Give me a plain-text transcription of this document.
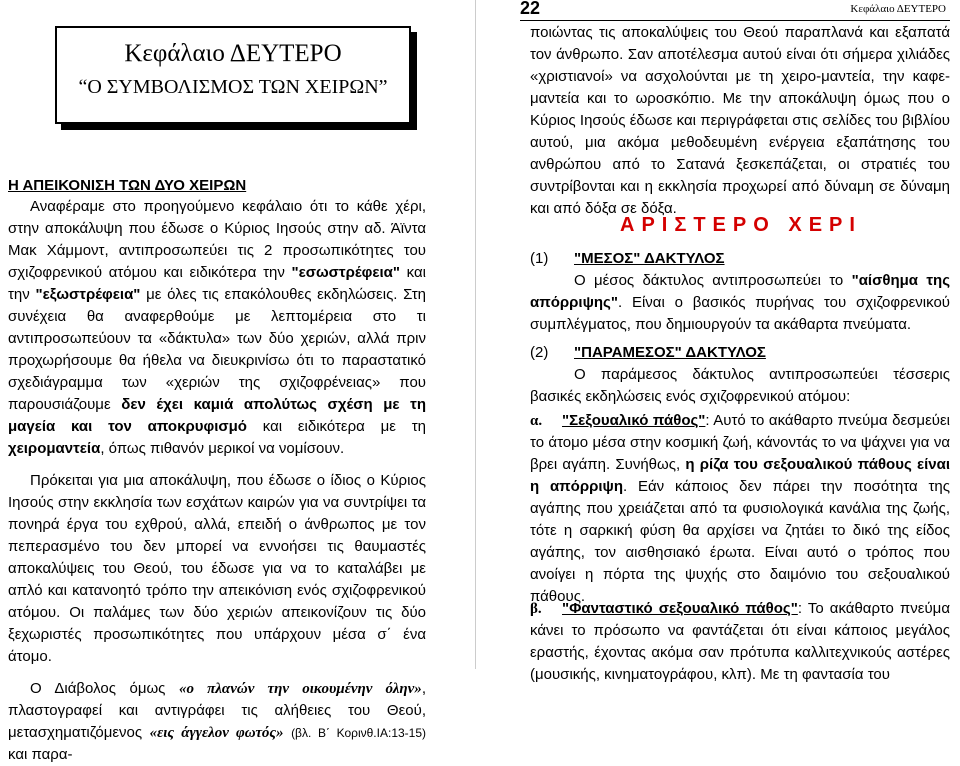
Κεφάλαιο ΔΕΥΤΕΡΟ
“Ο ΣΥΜΒΟΛΙΣΜΟΣ ΤΩΝ ΧΕΙΡΩΝ”
Η ΑΠΕΙΚΟΝΙΣΗ ΤΩΝ ΔΥΟ ΧΕΙΡΩΝ

Αναφέραμε στο προηγούμενο κεφάλαιο ότι το κάθε χέρι, στην αποκάλυψη που έδωσε ο Κύριος Ιησούς στην αδ. Άϊντα Μακ Χάμμοντ, αντιπροσωπεύει τις 2 προσωπικότητες του σχιζοφρενικού ατόμου και ειδικότερα την "εσωστρέφεια" και την "εξωστρέφεια" με όλες τις επακόλουθες εκδηλώσεις. Στη συνέχεια θα αναφερθούμε με λεπτομέρεια στο τι αντιπροσωπεύουν τα «δάκτυλα» των δύο χεριών, αλλά πριν προχωρήσουμε θα ήθελα να διευκρινίσω ότι το παραστατικό σχεδιάγραμμα των «χεριών της σχιζοφρένειας» που παρουσιάζουμε δεν έχει καμιά απολύτως σχέση με τη μαγεία και τον αποκρυφισμό και ειδικότερα με τη χειρομαντεία, όπως πιθανόν μερικοί να νομίσουν.

Πρόκειται για μια αποκάλυψη, που έδωσε ο ίδιος ο Κύριος Ιησούς στην εκκλησία των εσχάτων καιρών για να συντρίψει τα πονηρά έργα του εχθρού, αλλά, επειδή ο άνθρωπος με τον πεπερασμένο του δεν μπορεί να εννοήσει τις θαυμαστές αποκαλύψεις του Θεού, του έδωσε για να το καταλάβει με απλό και κατανοητό τρόπο την απεικόνιση ενός σχιζοφρενικού ατόμου. Οι παλάμες των δύο χεριών απεικονίζουν τις δύο ξεχωριστές προσωπικότητες που υπάρχουν μέσα σ΄ ένα άτομο.

Ο Διάβολος όμως «ο πλανών την οικουμένην όλην», πλαστογραφεί και αντιγράφει τις αλήθειες του Θεού, μετασχηματιζόμενος «εις άγγελον φωτός» (βλ. Β΄ Κορινθ.ΙΑ:13-15) και παρα-

22	Κεφάλαιο ΔΕΥΤΕΡΟ

ποιώντας τις αποκαλύψεις του Θεού παραπλανά και εξαπατά τον άνθρωπο. Σαν αποτέλεσμα αυτού είναι ότι σήμερα χιλιάδες «χριστιανοί» να ασχολούνται με τη χειρο-μαντεία, την καφε-μαντεία και το ωροσκόπιο. Με την αποκάλυψη όμως που ο Κύριος Ιησούς έδωσε και περιγράφεται στις σελίδες του βιβλίου αυτού, μια ακόμα μεθοδευμένη ενέργεια εξαπάτησης του ανθρώπου από το Σατανά ξεσκεπάζεται, οι στρατιές του συντρίβονται και η εκκλησία προχωρεί από δύναμη σε δύναμη και από δόξα σε δόξα.

ΑΡΙΣΤΕΡΟ ΧΕΡΙ
(1) "ΜΕΣΟΣ" ΔΑΚΤΥΛΟΣ
Ο μέσος δάκτυλος αντιπροσωπεύει το "αίσθημα της απόρριψης". Είναι ο βασικός πυρήνας του σχιζοφρενικού συμπλέγματος, που δημιουργούν τα ακάθαρτα πνεύματα.
(2) "ΠΑΡΑΜΕΣΟΣ" ΔΑΚΤΥΛΟΣ
Ο παράμεσος δάκτυλος αντιπροσωπεύει τέσσερις βασικές εκδηλώσεις ενός σχιζοφρενικού ατόμου:
α. "Σεξουαλικό πάθος": Αυτό το ακάθαρτο πνεύμα δεσμεύει το άτομο μέσα στην κοσμική ζωή, κάνοντάς το να ψάχνει για να βρει αγάπη. Συνήθως, η ρίζα του σεξουαλικού πάθους είναι η απόρριψη. Εάν κάποιος δεν πάρει την ποσότητα της αγάπης που χρειάζεται από τα φυσιολογικά κανάλια της ζωής, τότε η σαρκική φύση θα αρχίσει να ζητάει το δικό της είδος αγάπης, τον αισθησιακό έρωτα. Είναι αυτό ο τρόπος που ανοίγει η πόρτα της ψυχής στο δαιμόνιο του σεξουαλικού πάθους.
β. "Φανταστικό σεξουαλικό πάθος": Το ακάθαρτο πνεύμα κάνει το πρόσωπο να φαντάζεται ότι είναι κάποιος μεγάλος εραστής, έχοντας ακόμα σαν πρότυπα καλλιτεχνικούς αστέρες (μουσικής, κινηματογράφου, κλπ). Με τη φαντασία του
